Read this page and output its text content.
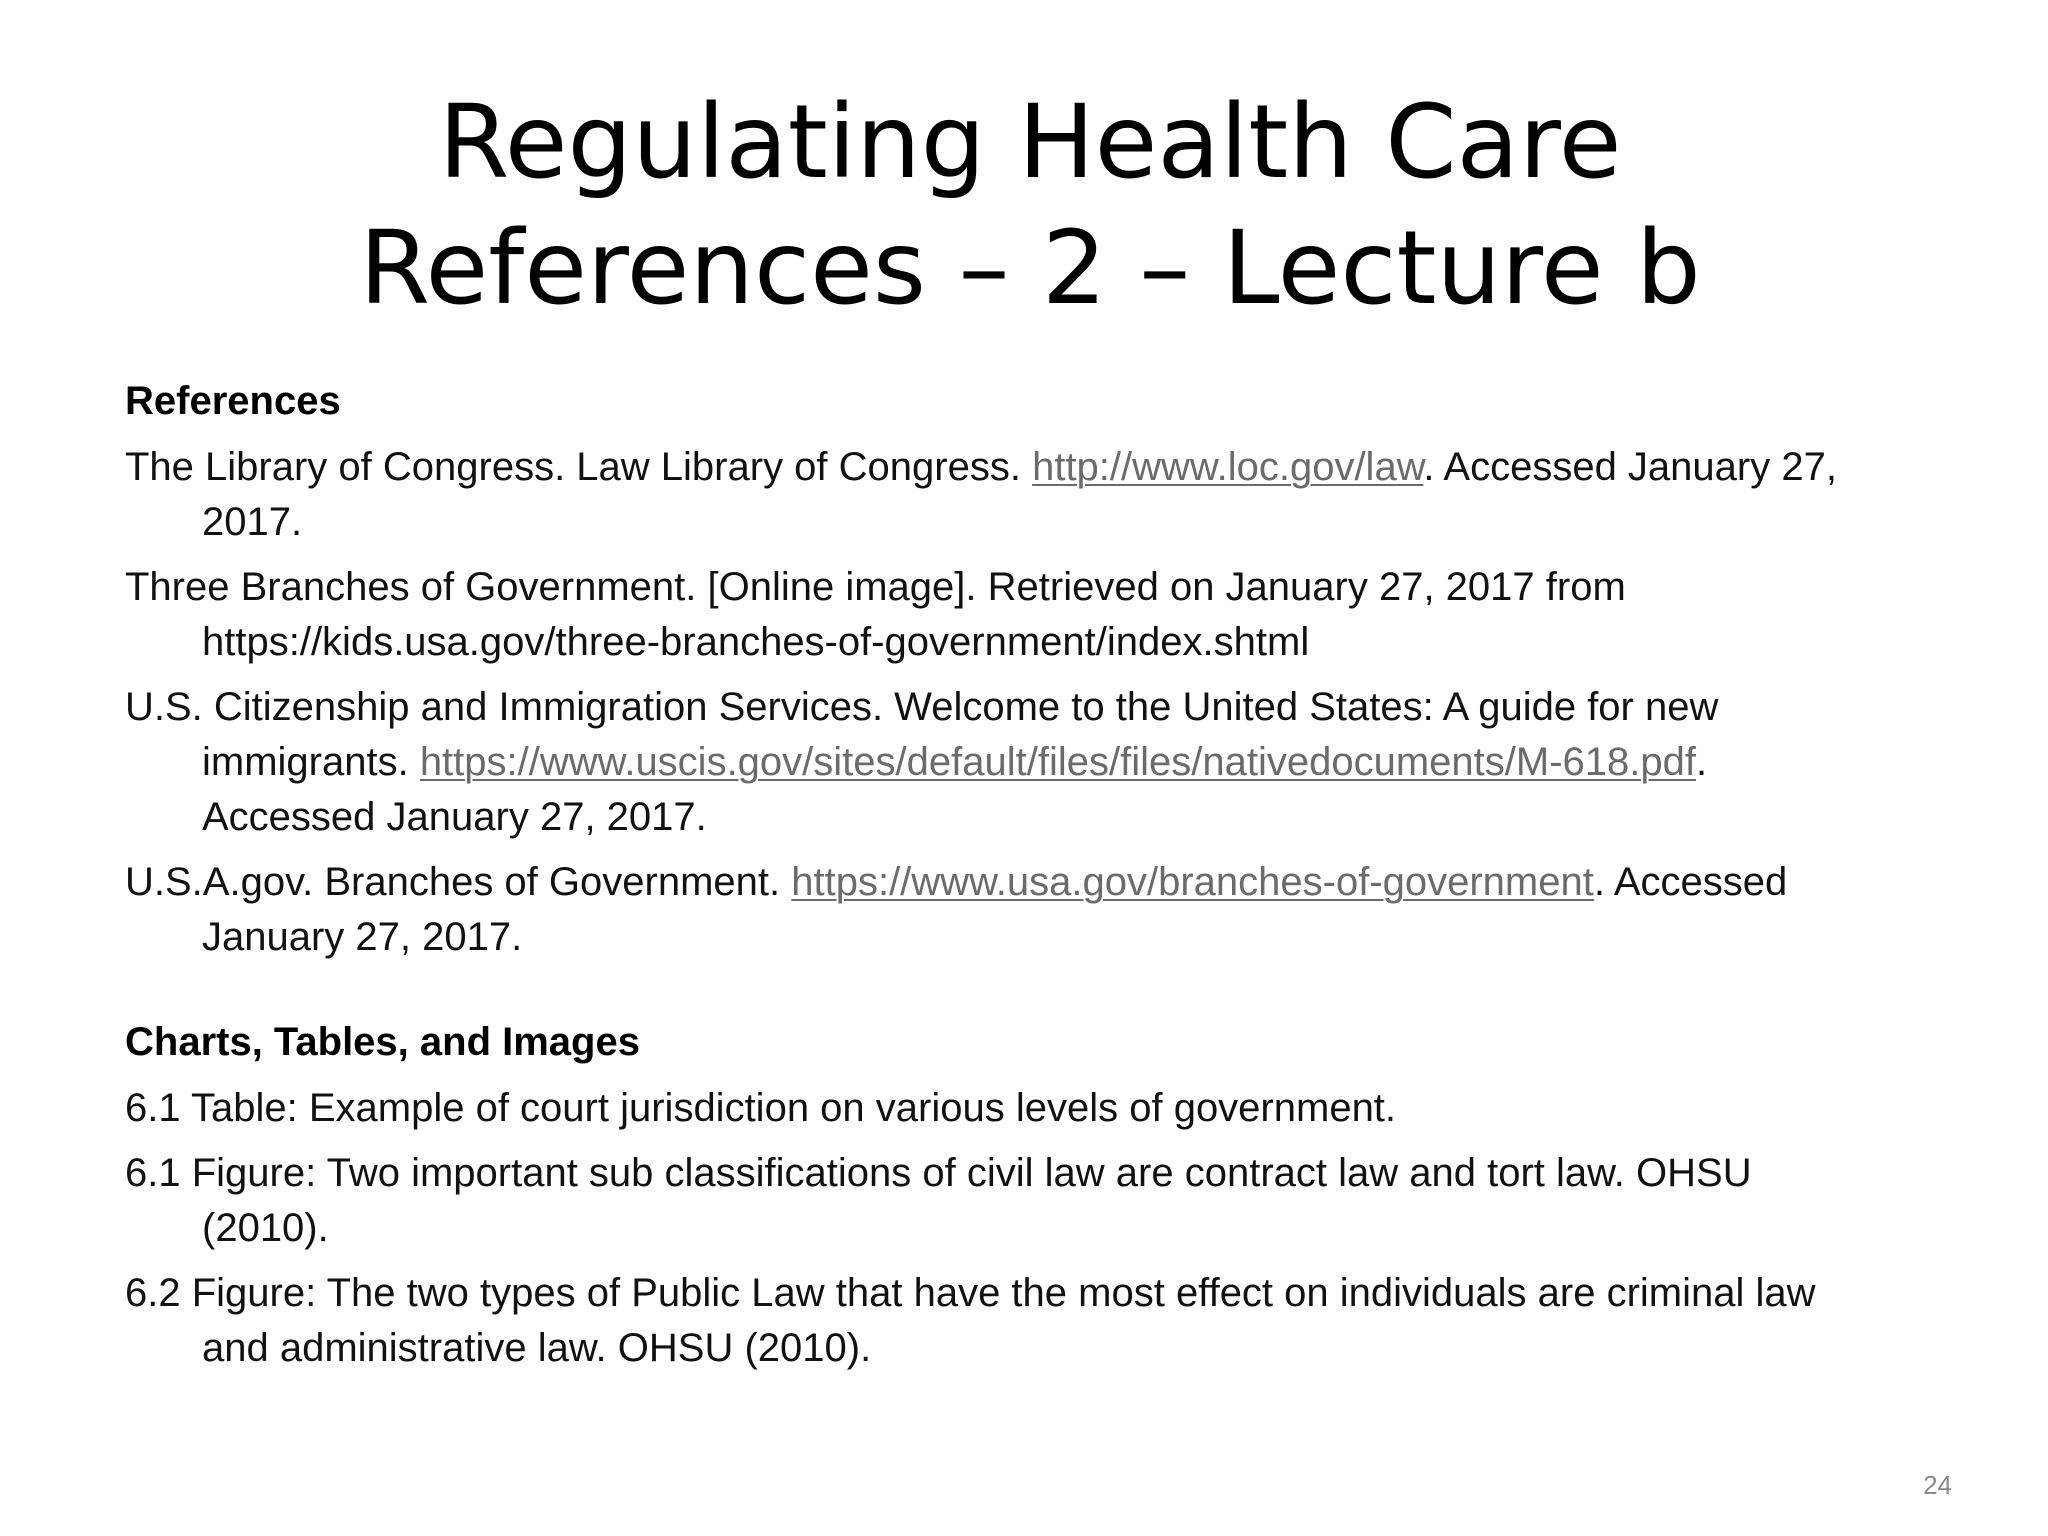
Regulating Health Care
References – 2 – Lecture b
References
The Library of Congress. Law Library of Congress. http://www.loc.gov/law. Accessed January 27, 2017.
Three Branches of Government. [Online image]. Retrieved on January 27, 2017 from https://kids.usa.gov/three-branches-of-government/index.shtml
U.S. Citizenship and Immigration Services. Welcome to the United States: A guide for new immigrants. https://www.uscis.gov/sites/default/files/files/nativedocuments/M-618.pdf. Accessed January 27, 2017.
U.S.A.gov. Branches of Government. https://www.usa.gov/branches-of-government. Accessed January 27, 2017.
Charts, Tables, and Images
6.1 Table: Example of court jurisdiction on various levels of government.
6.1 Figure: Two important sub classifications of civil law are contract law and tort law. OHSU (2010).
6.2 Figure: The two types of Public Law that have the most effect on individuals are criminal law and administrative law. OHSU (2010).
24
